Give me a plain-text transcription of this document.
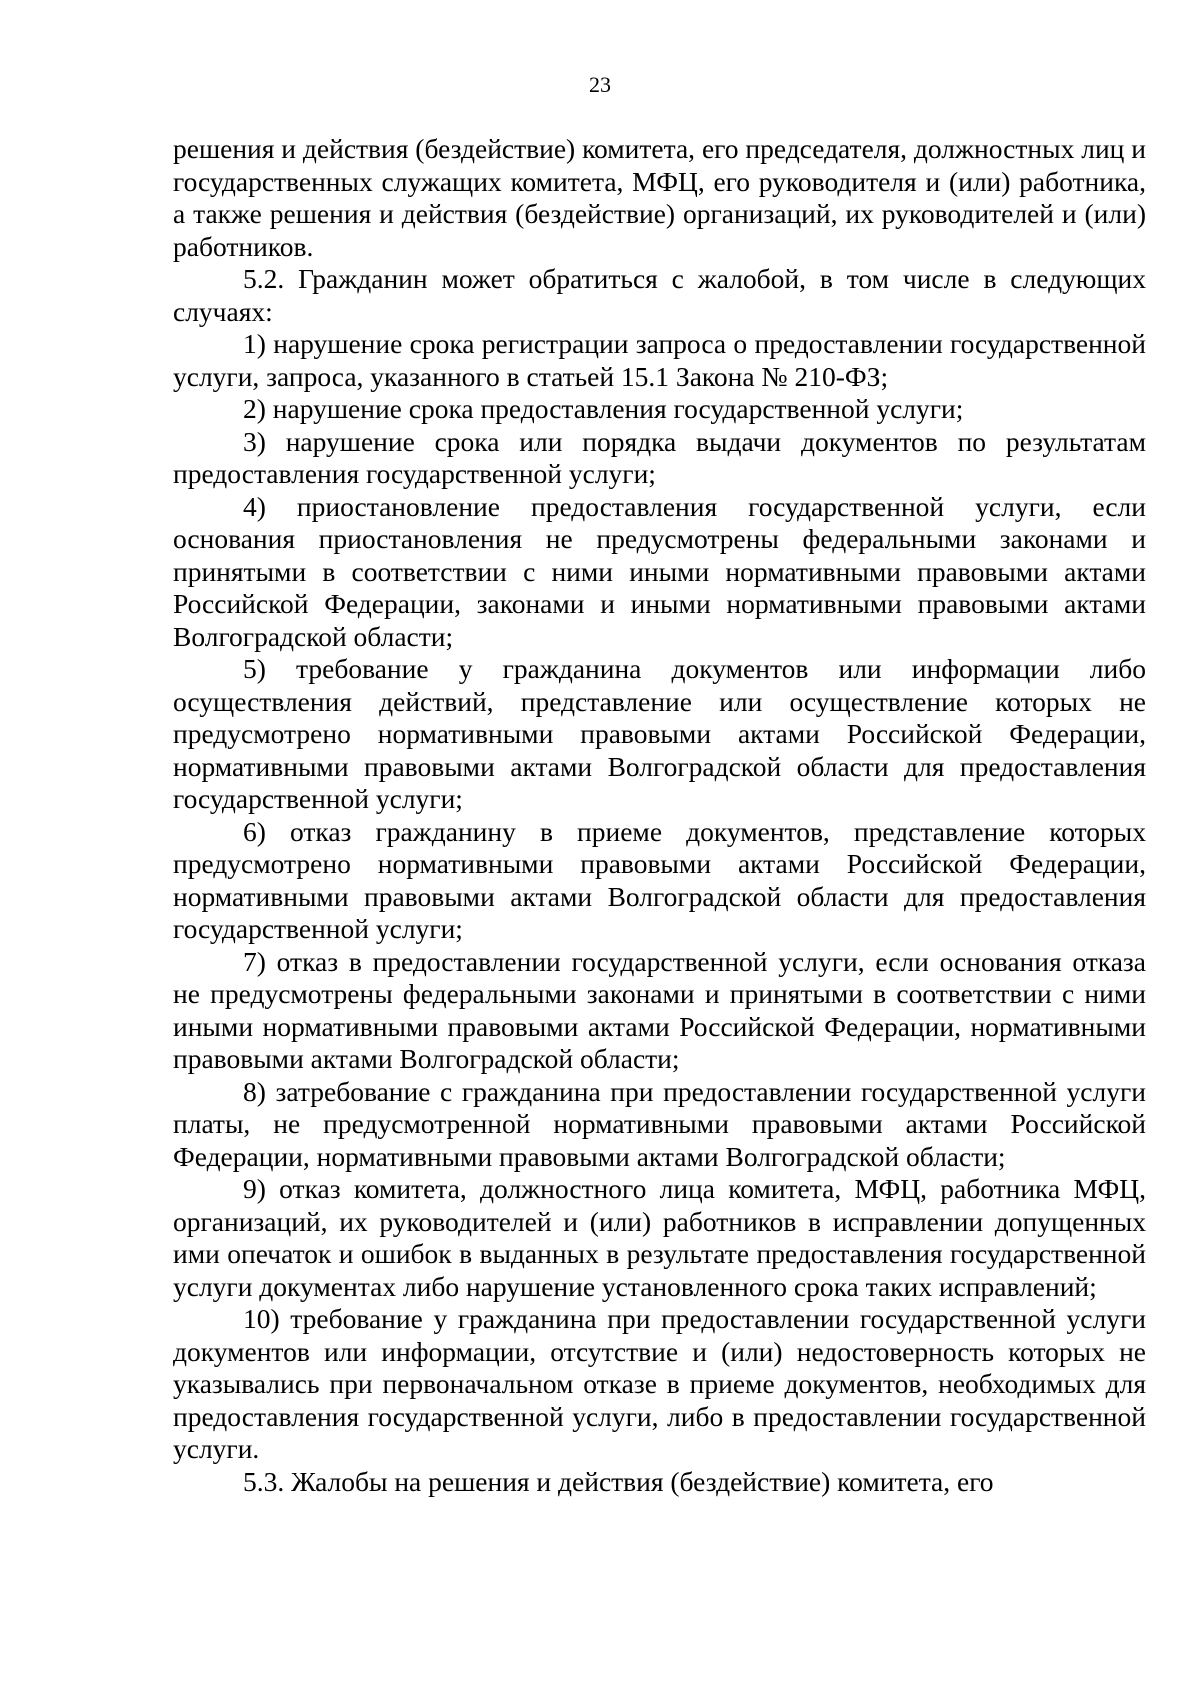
23

решения и действия (бездействие) комитета, его председателя, должностных лиц и государственных служащих комитета, МФЦ, его руководителя и (или) работника, а также решения и действия (бездействие) организаций, их руководителей и (или) работников.

5.2. Гражданин может обратиться с жалобой, в том числе в следующих случаях:

1) нарушение срока регистрации запроса о предоставлении государственной услуги, запроса, указанного в статьей 15.1 Закона № 210-ФЗ;

2) нарушение срока предоставления государственной услуги;

3) нарушение срока или порядка выдачи документов по результатам предоставления государственной услуги;

4) приостановление предоставления государственной услуги, если основания приостановления не предусмотрены федеральными законами и принятыми в соответствии с ними иными нормативными правовыми актами Российской Федерации, законами и иными нормативными правовыми актами Волгоградской области;

5) требование у гражданина документов или информации либо осуществления действий, представление или осуществление которых не предусмотрено нормативными правовыми актами Российской Федерации, нормативными правовыми актами Волгоградской области для предоставления государственной услуги;

6) отказ гражданину в приеме документов, представление которых предусмотрено нормативными правовыми актами Российской Федерации, нормативными правовыми актами Волгоградской области для предоставления государственной услуги;

7) отказ в предоставлении государственной услуги, если основания отказа не предусмотрены федеральными законами и принятыми в соответствии с ними иными нормативными правовыми актами Российской Федерации, нормативными правовыми актами Волгоградской области;

8) затребование с гражданина при предоставлении государственной услуги платы, не предусмотренной нормативными правовыми актами Российской Федерации, нормативными правовыми актами Волгоградской области;

9) отказ комитета, должностного лица комитета, МФЦ, работника МФЦ, организаций, их руководителей и (или) работников в исправлении допущенных ими опечаток и ошибок в выданных в результате предоставления государственной услуги документах либо нарушение установленного срока таких исправлений;

10) требование у гражданина при предоставлении государственной услуги документов или информации, отсутствие и (или) недостоверность которых не указывались при первоначальном отказе в приеме документов, необходимых для предоставления государственной услуги, либо в предоставлении государственной услуги.

5.3. Жалобы на решения и действия (бездействие) комитета, его
